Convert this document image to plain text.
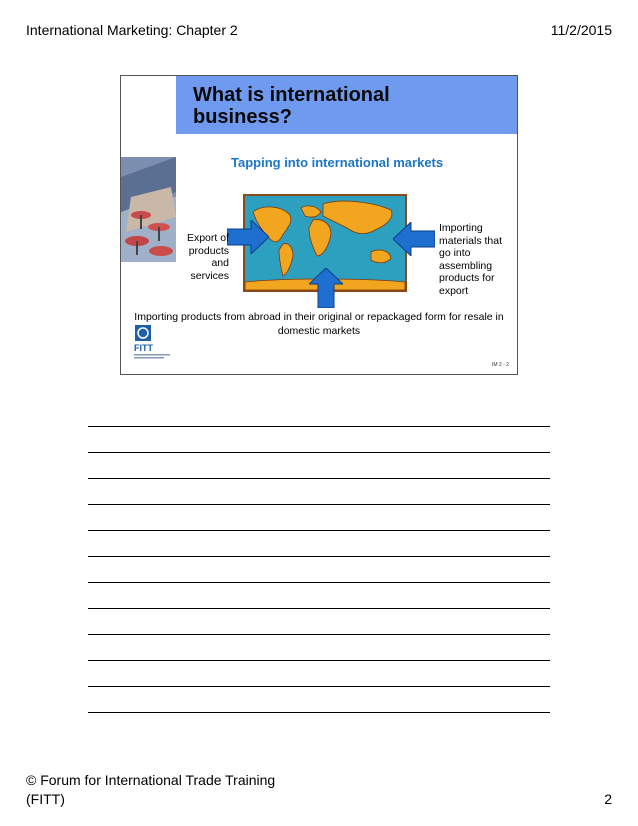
International Marketing: Chapter 2	11/2/2015
What is international business?
Tapping into international markets
Export of products and services
Importing materials that go into assembling products for export
Importing products from abroad in their original or repackaged form for resale in domestic markets
FITT
IM 2 - 2
© Forum for International Trade Training (FITT)	2
